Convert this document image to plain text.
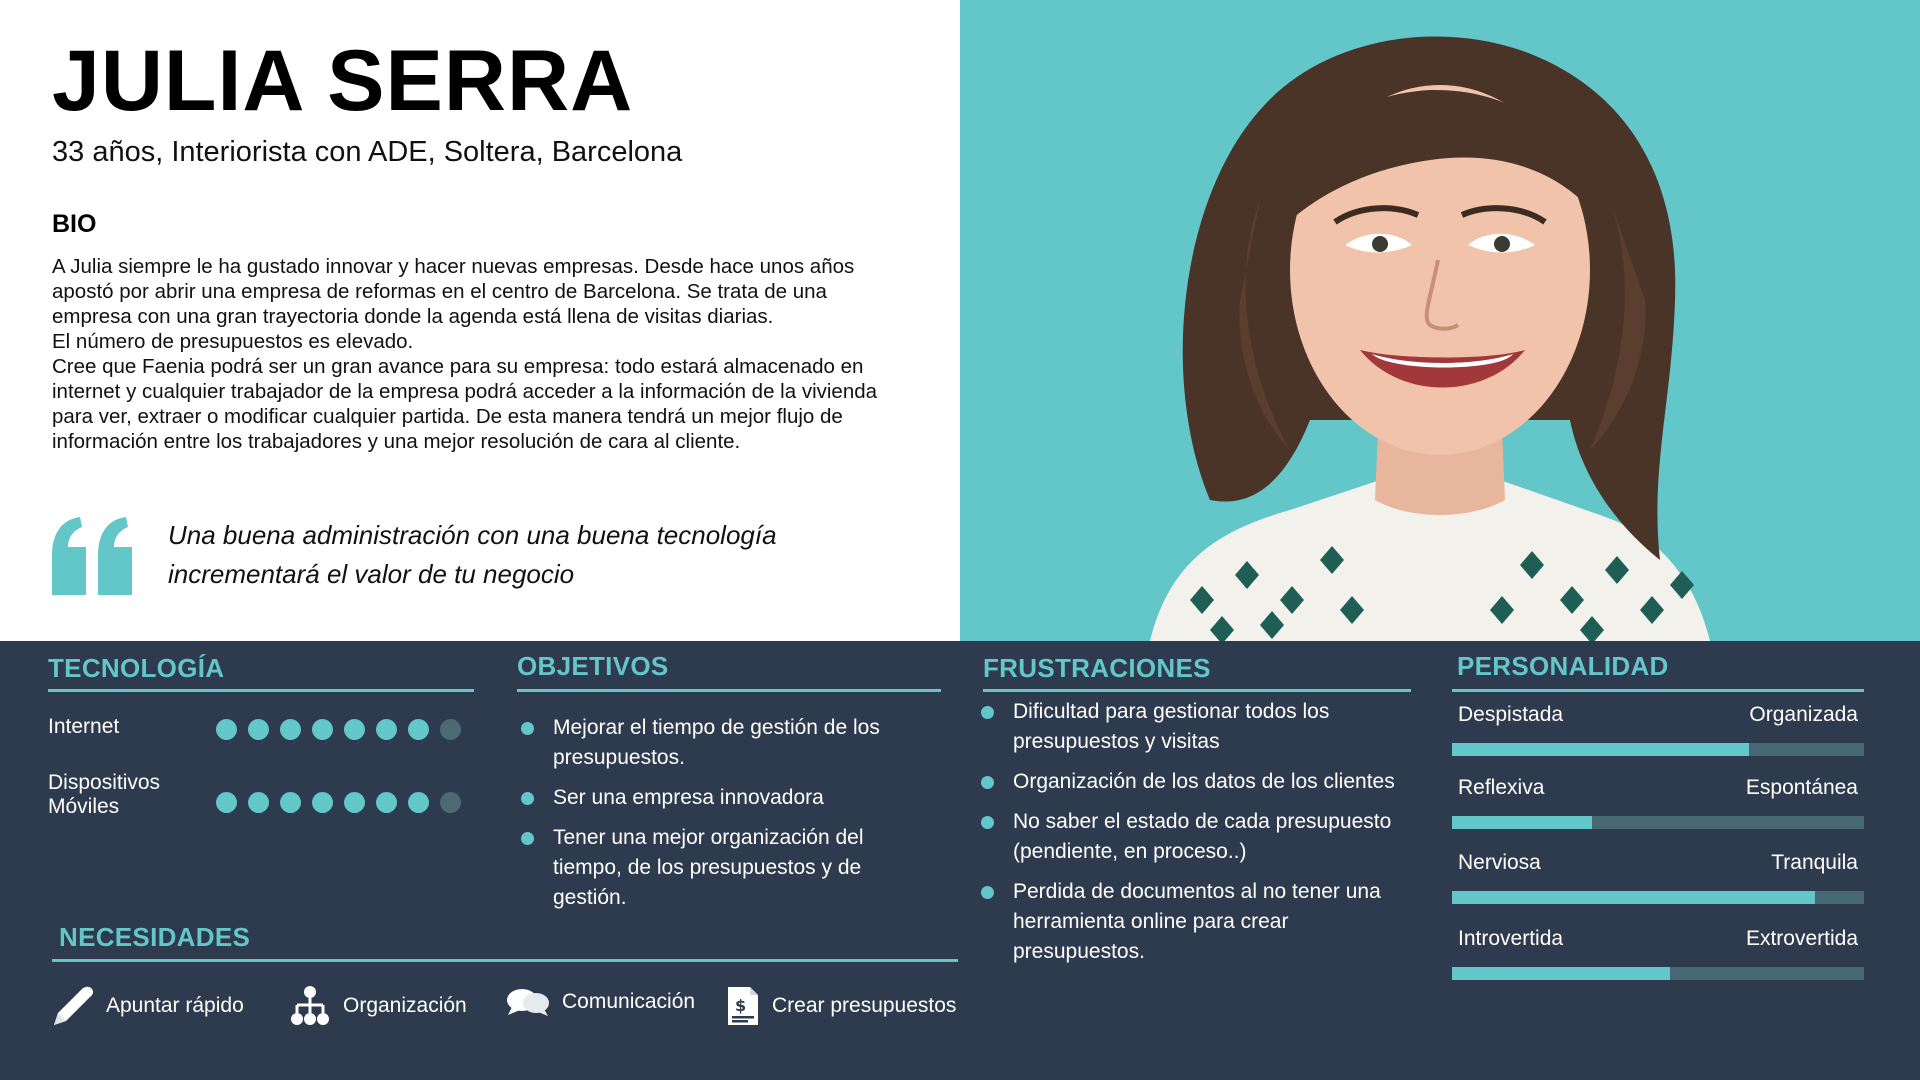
JULIA SERRA
33 años, Interiorista con ADE, Soltera, Barcelona
BIO

A Julia siempre le ha gustado innovar y hacer nuevas empresas. Desde hace unos años

apostó por abrir una empresa de reformas en el centro de Barcelona. Se trata de una

empresa con una gran trayectoria donde la agenda está llena de visitas diarias.

El número de presupuestos es elevado.

Cree que Faenia podrá ser un gran avance para su empresa: todo estará almacenado en

internet y cualquier trabajador de la empresa podrá acceder a la información de la vivienda

para ver, extraer o modificar cualquier partida. De esta manera tendrá un mejor flujo de

información entre los trabajadores y una mejor resolución de cara al cliente.

Una buena administración con una buena tecnología
incrementará el valor de tu negocio
TECNOLOGÍA
Internet
Dispositivos
Móviles
OBJETIVOS
Mejorar el tiempo de gestión de los
presupuestos.
Ser una empresa innovadora
Tener una mejor organización del
tiempo, de los presupuestos y de
gestión.
FRUSTRACIONES
Dificultad para gestionar todos los
presupuestos y visitas
Organización de los datos de los clientes
No saber el estado de cada presupuesto
(pendiente, en proceso..)
Perdida de documentos al no tener una
herramienta online para crear
presupuestos.
PERSONALIDAD
Despistada	Organizada
Reflexiva	Espontánea
Nerviosa	Tranquila
Introvertida	Extrovertida
NECESIDADES
Apuntar rápido	Organización	Comunicación $ Crear presupuestos
